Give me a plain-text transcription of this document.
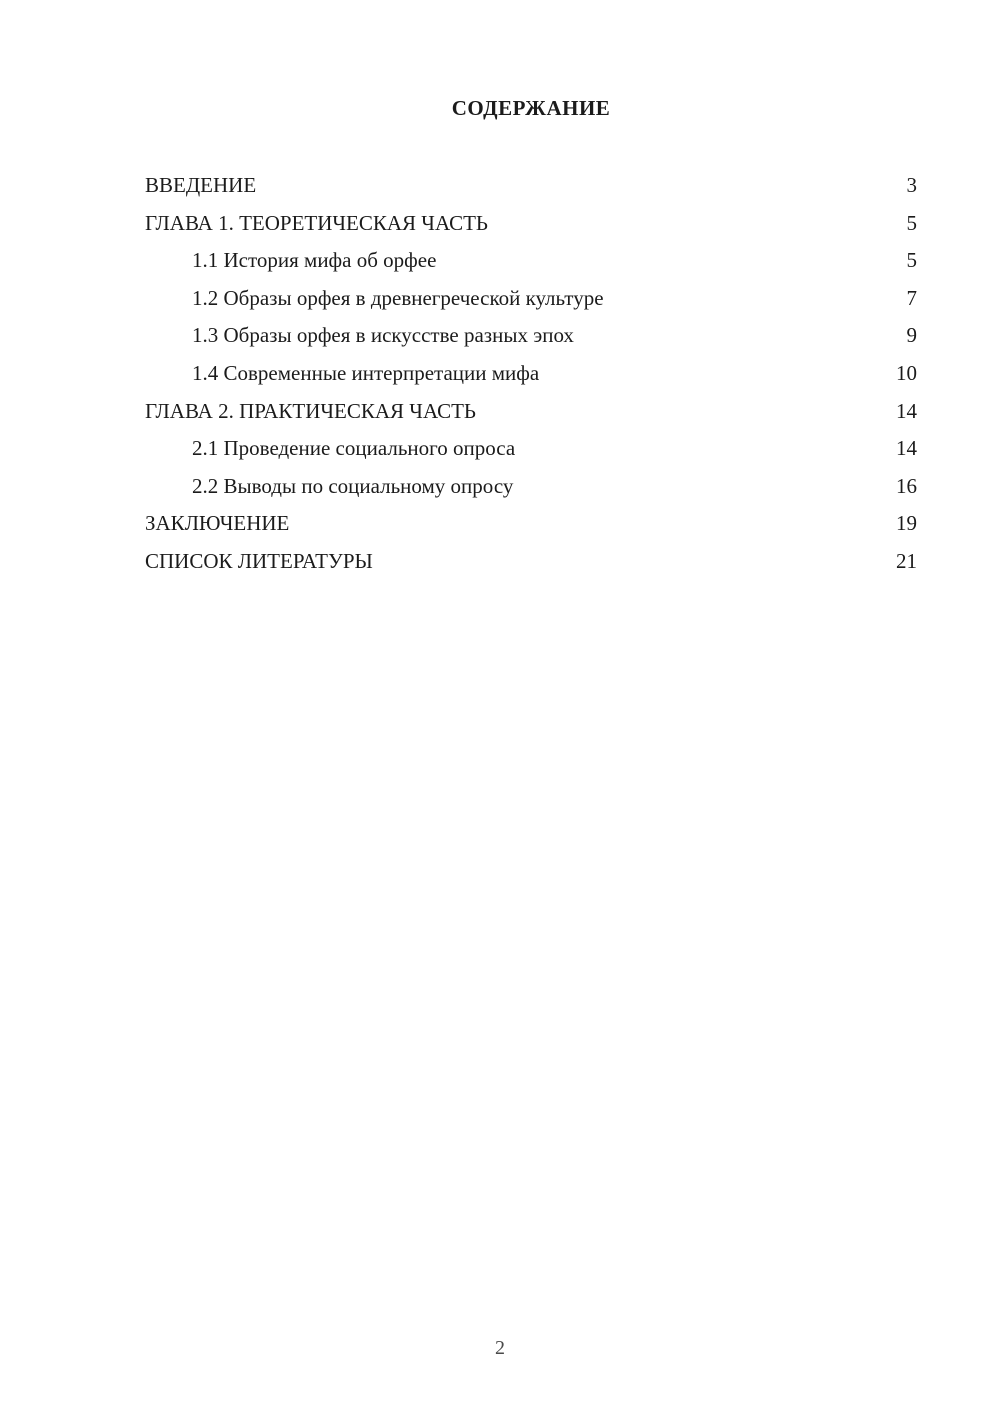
СОДЕРЖАНИЕ
ВВЕДЕНИЕ	3
ГЛАВА 1. ТЕОРЕТИЧЕСКАЯ ЧАСТЬ	5
1.1 История мифа об орфее	5
1.2 Образы орфея в древнегреческой культуре	7
1.3 Образы орфея в искусстве разных эпох	9
1.4 Современные интерпретации мифа	10
ГЛАВА 2. ПРАКТИЧЕСКАЯ ЧАСТЬ	14
2.1 Проведение социального опроса	14
2.2 Выводы по социальному опросу	16
ЗАКЛЮЧЕНИЕ	19
СПИСОК ЛИТЕРАТУРЫ	21
2
